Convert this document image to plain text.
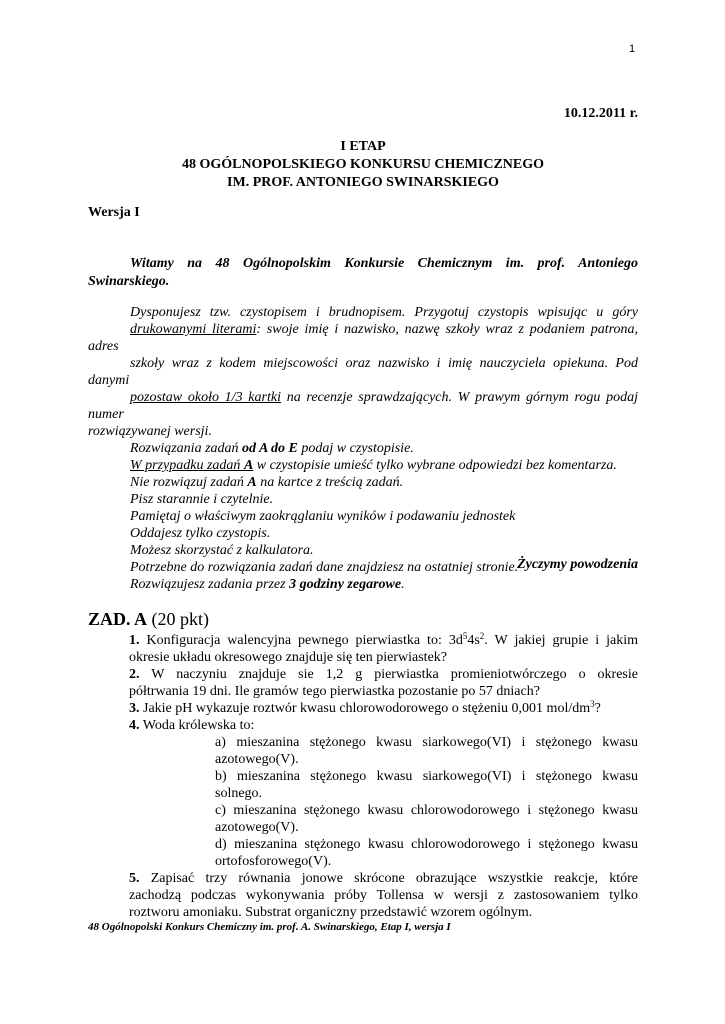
1
10.12.2011 r.
I ETAP
48 OGÓLNOPOLSKIEGO KONKURSU CHEMICZNEGO
IM. PROF. ANTONIEGO SWINARSKIEGO
Wersja I
Witamy na 48 Ogólnopolskim Konkursie Chemicznym im. prof. Antoniego
Swinarskiego.

Dysponujesz tzw. czystopisem i brudnopisem. Przygotuj czystopis wpisując u góry
drukowanymi literami: swoje imię i nazwisko, nazwę szkoły wraz z podaniem patrona, adres
szkoły wraz z kodem miejscowości oraz nazwisko i imię nauczyciela opiekuna. Pod danymi
pozostaw około 1/3 kartki na recenzje sprawdzających. W prawym górnym rogu podaj numer
rozwiązywanej wersji.

Rozwiązania zadań od A do E podaj w czystopisie.

W przypadku zadań A w czystopisie umieść tylko wybrane odpowiedzi bez komentarza.

Nie rozwiązuj zadań A na kartce z treścią zadań.

Pisz starannie i czytelnie.

Pamiętaj o właściwym zaokrąglaniu wyników i podawaniu jednostek

Oddajesz tylko czystopis.

Możesz skorzystać z kalkulatora.

Potrzebne do rozwiązania zadań dane znajdziesz na ostatniej stronie.

Rozwiązujesz zadania przez 3 godziny zegarowe.

Życzymy powodzenia
ZAD. A (20 pkt)
1. Konfiguracja walencyjna pewnego pierwiastka to: $3d^54s^2$. W jakiej grupie i jakim
okresie układu okresowego znajduje się ten pierwiastek?
2. W naczyniu znajduje sie 1,2 g pierwiastka promieniotwórczego o okresie
półtrwania 19 dni. Ile gramów tego pierwiastka pozostanie po 57 dniach?
3. Jakie pH wykazuje roztwór kwasu chlorowodorowego o stężeniu 0,001 mol/$dm^3$?
4. Woda królewska to:
a) mieszanina stężonego kwasu siarkowego(VI) i stężonego kwasu
azotowego(V).
b) mieszanina stężonego kwasu siarkowego(VI) i stężonego kwasu
solnego.
c) mieszanina stężonego kwasu chlorowodorowego i stężonego kwasu
azotowego(V).
d) mieszanina stężonego kwasu chlorowodorowego i stężonego kwasu
ortofosforowego(V).
5. Zapisać trzy równania jonowe skrócone obrazujące wszystkie reakcje, które
zachodzą podczas wykonywania próby Tollensa w wersji z zastosowaniem tylko
roztworu amoniaku. Substrat organiczny przedstawić wzorem ogólnym.
48 Ogólnopolski Konkurs Chemiczny im. prof. A. Swinarskiego, Etap I, wersja I
